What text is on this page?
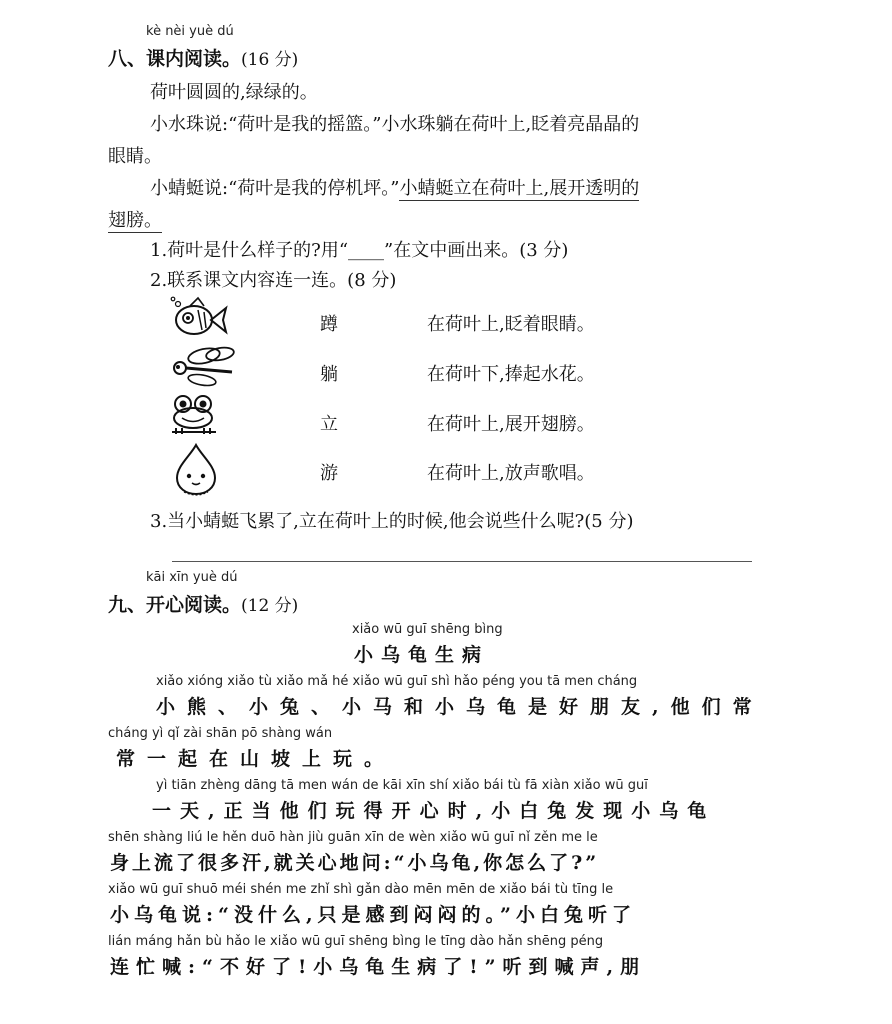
kè nèi yuè dú
八、课内阅读。(16 分)
荷叶圆圆的,绿绿的。
小水珠说:“荷叶是我的摇篮。”小水珠躺在荷叶上,眨着亮晶晶的
眼睛。
小蜻蜓说:“荷叶是我的停机坪。”小蜻蜓立在荷叶上,展开透明的
翅膀。
1.荷叶是什么样子的?用“____”在文中画出来。(3 分)
2.联系课文内容连一连。(8 分)
蹲	在荷叶上,眨着眼睛。
躺	在荷叶下,捧起水花。
立	在荷叶上,展开翅膀。
游	在荷叶上,放声歌唱。
3.当小蜻蜓飞累了,立在荷叶上的时候,他会说些什么呢?(5 分)
kāi xīn yuè dú
九、开心阅读。(12 分)
xiǎo wū guī shēng bìng
小乌龟生病
xiǎo xióng xiǎo tù xiǎo mǎ hé xiǎo wū guī shì hǎo péng you tā men cháng
小熊、小兔、小马和小乌龟是好朋友,他们常
cháng yì qǐ zài shān pō shàng wán
常一起在山坡上玩。
yì tiān zhèng dāng tā men wán de kāi xīn shí xiǎo bái tù fā xiàn xiǎo wū guī
一天,正当他们玩得开心时,小白兔发现小乌龟
shēn shàng liú le hěn duō hàn jiù guān xīn de wèn xiǎo wū guī nǐ zěn me le
身上流了很多汗,就关心地问:“小乌龟,你怎么了?”
xiǎo wū guī shuō méi shén me zhǐ shì gǎn dào mēn mēn de xiǎo bái tù tīng le
小乌龟说:“没什么,只是感到闷闷的。”小白兔听了
lián máng hǎn bù hǎo le xiǎo wū guī shēng bìng le tīng dào hǎn shēng péng
连忙喊:“不好了!小乌龟生病了!”听到喊声,朋
